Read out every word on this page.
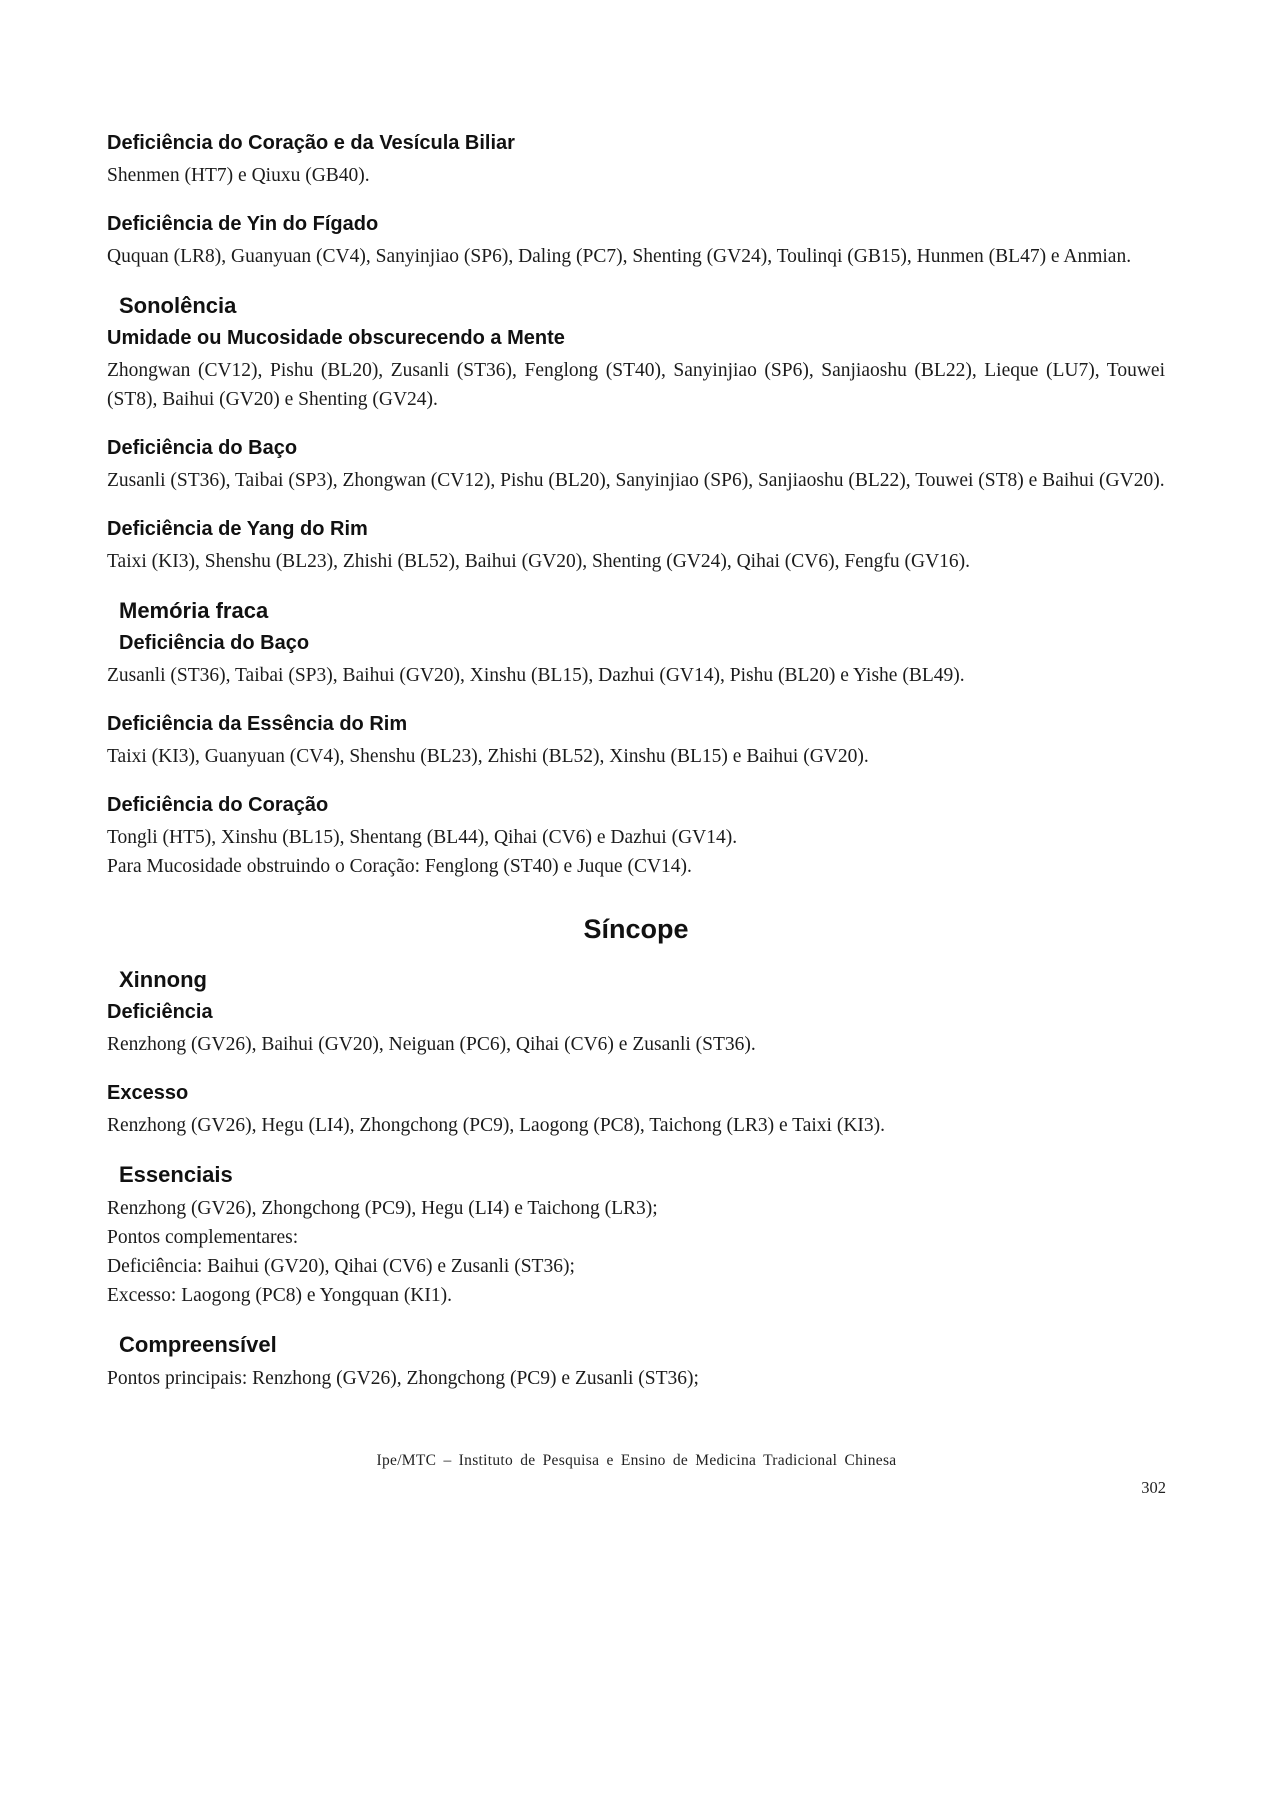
Deficiência do Coração e da Vesícula Biliar

Shenmen (HT7) e Qiuxu (GB40).

Deficiência de Yin do Fígado

Ququan (LR8), Guanyuan (CV4), Sanyinjiao (SP6), Daling (PC7), Shenting (GV24), Toulinqi (GB15), Hunmen (BL47) e Anmian.

Sonolência
Umidade ou Mucosidade obscurecendo a Mente

Zhongwan (CV12), Pishu (BL20), Zusanli (ST36), Fenglong (ST40), Sanyinjiao (SP6), Sanjiaoshu (BL22), Lieque (LU7), Touwei (ST8), Baihui (GV20) e Shenting (GV24).

Deficiência do Baço

Zusanli (ST36), Taibai (SP3), Zhongwan (CV12), Pishu (BL20), Sanyinjiao (SP6), Sanjiaoshu (BL22), Touwei (ST8) e Baihui (GV20).

Deficiência de Yang do Rim

Taixi (KI3), Shenshu (BL23), Zhishi (BL52), Baihui (GV20), Shenting (GV24), Qihai (CV6), Fengfu (GV16).

Memória fraca
Deficiência do Baço

Zusanli (ST36), Taibai (SP3), Baihui (GV20), Xinshu (BL15), Dazhui (GV14), Pishu (BL20) e Yishe (BL49).

Deficiência da Essência do Rim

Taixi (KI3), Guanyuan (CV4), Shenshu (BL23), Zhishi (BL52), Xinshu (BL15) e Baihui (GV20).

Deficiência do Coração

Tongli (HT5), Xinshu (BL15), Shentang (BL44), Qihai (CV6) e Dazhui (GV14).

Para Mucosidade obstruindo o Coração: Fenglong (ST40) e Juque (CV14).

Síncope
Xinnong
Deficiência

Renzhong (GV26), Baihui (GV20), Neiguan (PC6), Qihai (CV6) e Zusanli (ST36).

Excesso

Renzhong (GV26), Hegu (LI4), Zhongchong (PC9), Laogong (PC8), Taichong (LR3) e Taixi (KI3).

Essenciais

Renzhong (GV26), Zhongchong (PC9), Hegu (LI4) e Taichong (LR3);

Pontos complementares:

Deficiência: Baihui (GV20), Qihai (CV6) e Zusanli (ST36);

Excesso: Laogong (PC8) e Yongquan (KI1).

Compreensível

Pontos principais: Renzhong (GV26), Zhongchong (PC9) e Zusanli (ST36);

Ipe/MTC – Instituto de Pesquisa e Ensino de Medicina Tradicional Chinesa
302
